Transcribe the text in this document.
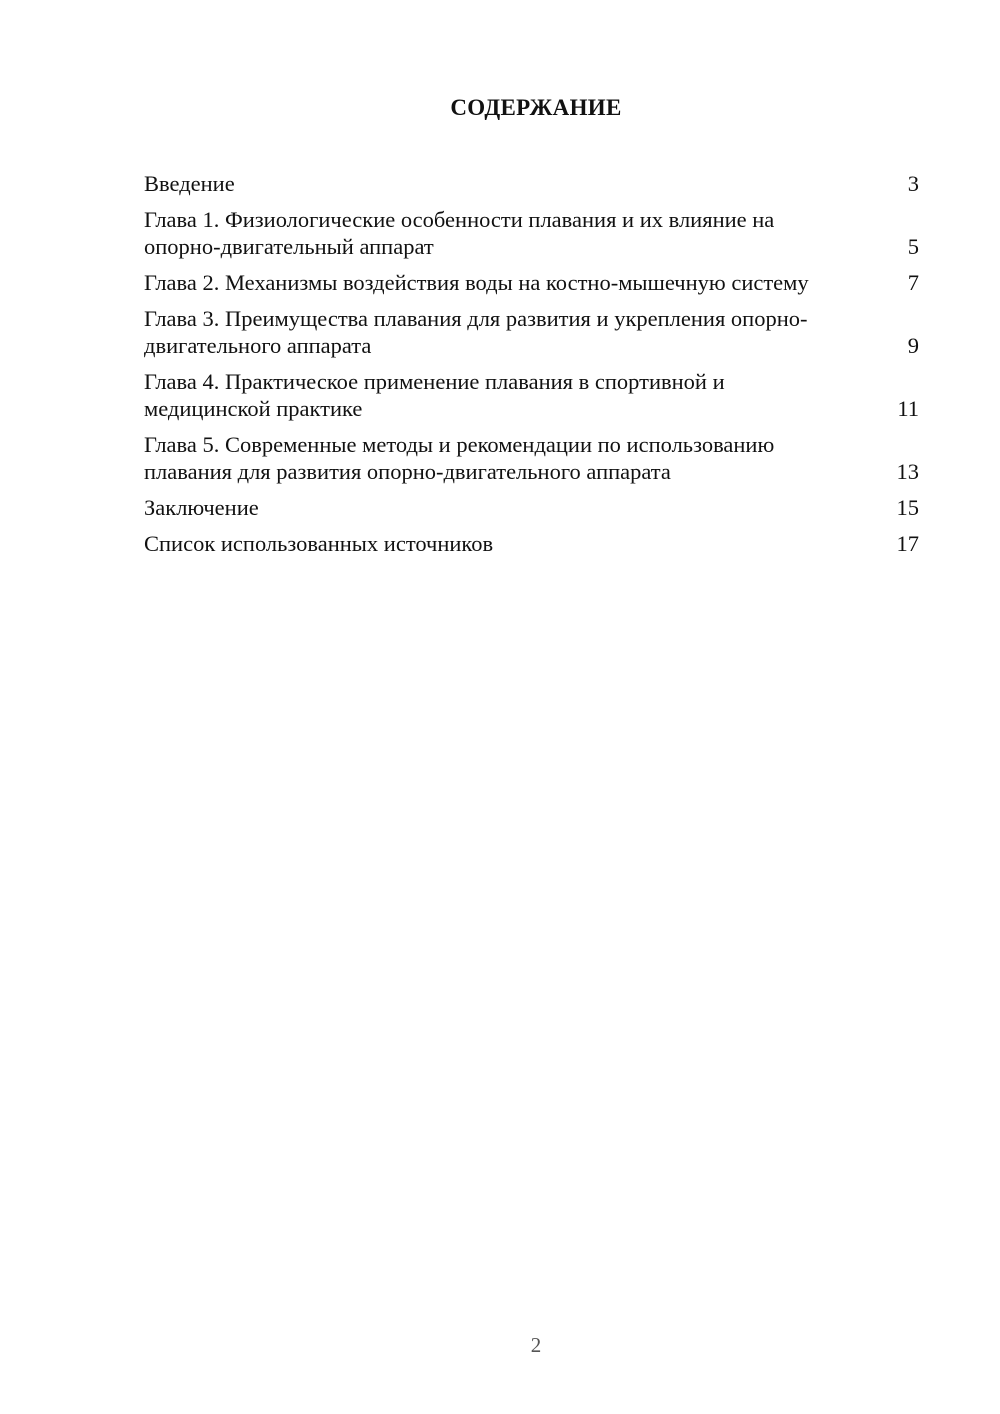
СОДЕРЖАНИЕ
Введение	3
Глава 1. Физиологические особенности плавания и их влияние на опорно-двигательный аппарат	5
Глава 2. Механизмы воздействия воды на костно-мышечную систему	7
Глава 3. Преимущества плавания для развития и укрепления опорно-двигательного аппарата	9
Глава 4. Практическое применение плавания в спортивной и медицинской практике	11
Глава 5. Современные методы и рекомендации по использованию плавания для развития опорно-двигательного аппарата	13
Заключение	15
Список использованных источников	17
2
